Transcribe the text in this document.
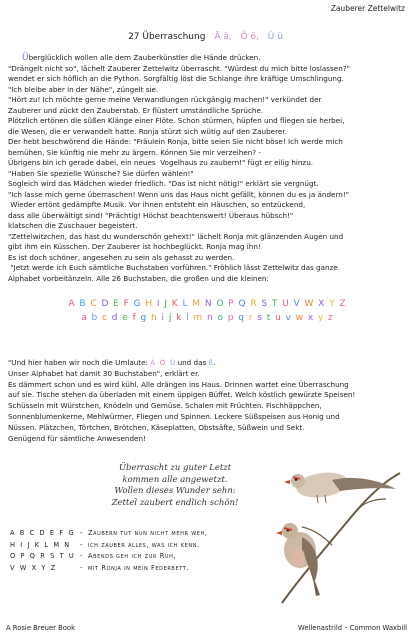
Zauberer Zettelwitz
27 Überraschung Ä ä, Ö ö, Ü ü

Überglücklich wollen alle dem Zauberkünstler die Hände drücken.

"Drängelt nicht so", lächelt Zauberer Zettelwitz überrascht. "Würdest du mich bitte loslassen?"

wendet er sich höflich an die Python. Sorgfältig löst die Schlange ihre kräftige Umschlingung.

"Ich bleibe aber in der Nähe", züngelt sie.

"Hört zu! Ich möchte gerne meine Verwandlungen rückgängig machen!" verkündet der

Zauberer und zückt den Zauberstab. Er flüstert umständliche Sprüche.

Plötzlich ertönen die süßen Klänge einer Flöte. Schon stürmen, hüpfen und fliegen sie herbei,

die Wesen, die er verwandelt hatte. Ronja stürzt sich wütig auf den Zauberer.

Der hebt beschwörend die Hände: "Fräulein Ronja, bitte seien Sie nicht böse! Ich werde mich

bemühen, Sie künftig nie mehr zu ärgern. Können Sie mir verzeihen? -

Übrigens bin ich gerade dabei, ein neues  Vogelhaus zu zaubern!" fügt er eilig hinzu.

"Haben Sie spezielle Wünsche? Sie dürfen wählen!"

Sogleich wird das Mädchen wieder friedlich. "Das ist nicht nötig!" erklärt sie vergnügt.

"Ich lasse mich gerne überraschen! Wenn uns das Haus nicht gefällt, können du es ja ändern!"

Wieder ertönt gedämpfte Musik. Vor ihnen entsteht ein Häuschen, so entzückend,

dass alle überwältigt sind! "Prächtig! Höchst beachtenswert! Überaus hübsch!"

klatschen die Zuschauer begeistert.

"Zettelwitzchen, das hast du wunderschön gehext!" lächelt Ronja mit glänzenden Augen und

gibt ihm ein Küsschen. Der Zauberer ist hochbeglückt. Ronja mag ihn!

Es ist doch schöner, angesehen zu sein als gehasst zu werden.

"Jetzt werde ich Euch sämtliche Buchstaben vorführen." Fröhlich lässt Zettelwitz das ganze

Alphabet vorbeitänzeln. Alle 26 Buchstaben, die großen und die kleinen:

A B C D E F G H I J K L M N O P Q R S T U V W X Y Z
a b c d e f g h i j k l m n o p q r s t u v w x y z

"Und hier haben wir noch die Umlaute: Ä Ö Ü und das ß.

Unser Alphabet hat damit 30 Buchstaben", erklärt er.

Es dämmert schon und es wird kühl. Alle drängen ins Haus. Drinnen wartet eine Überraschung

auf sie. Tische stehen da überladen mit einem üppigen Büffet. Welch köstlich gewürzte Speisen!

Schüsseln mit Würstchen, Knödeln und Gemüse. Schalen mit Früchten. Fischhäppchen,

Sonnenblumenkerne, Mehlwürmer, Fliegen und Spinnen. Leckere Süßspeisen aus Honig und

Nüssen. Plätzchen, Törtchen, Brötchen, Käseplatten, Obstsäfte, Süßwein und Sekt.

Genügend für sämtliche Anwesenden!

Überrascht zu guter Letzt
kommen alle angewetzt.
Wollen dieses Wunder sehn:
Zettel zaubert endlich schön!
A B C D E F G - Zaubern tut nun nicht mehr weh,
H I J K L M N	- ich zauber alles, was ich kenn.
O P Q R S T U - Abends geh ich zur Ruh,
V W X Y Z	- mit Ronja in mein Federbett.
A Rosie Breuer Book	Wellenastrild – Common Waxbill
